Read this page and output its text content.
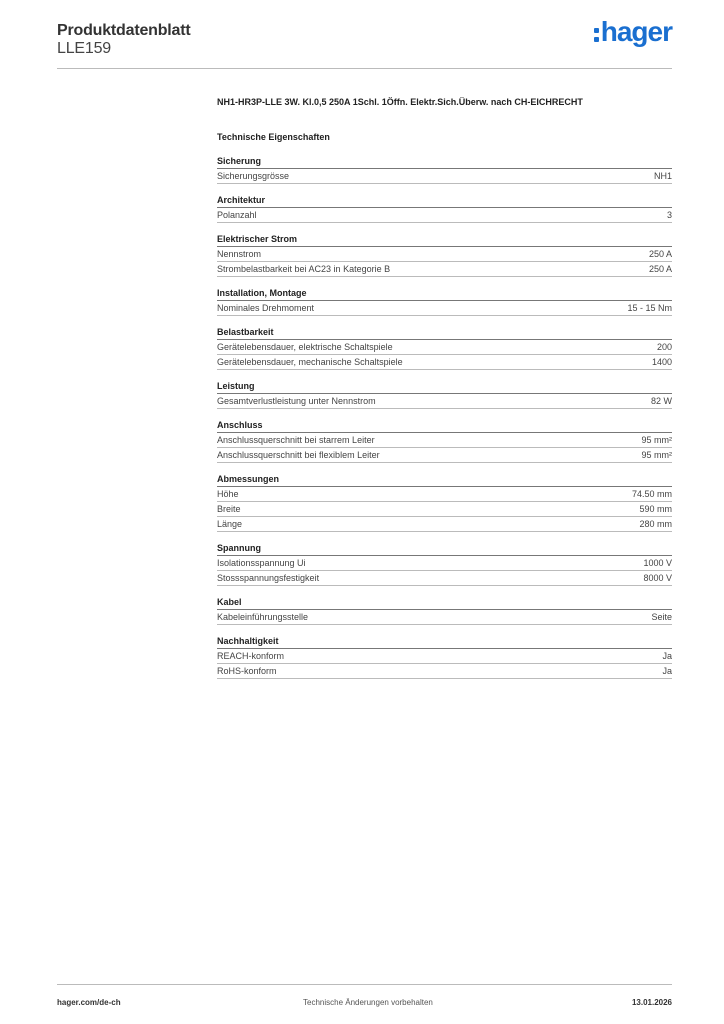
Produktdatenblatt
LLE159
hager
NH1-HR3P-LLE 3W. Kl.0,5 250A 1Schl. 1Öffn. Elektr.Sich.Überw. nach CH-EICHRECHT
Technische Eigenschaften
Sicherung
Sicherungsgrösse	NH1
Architektur
Polanzahl	3
Elektrischer Strom
Nennstrom	250 A
Strombelastbarkeit bei AC23 in Kategorie B	250 A
Installation, Montage
Nominales Drehmoment	15 - 15 Nm
Belastbarkeit
Gerätelebensdauer, elektrische Schaltspiele	200
Gerätelebensdauer, mechanische Schaltspiele	1400
Leistung
Gesamtverlustleistung unter Nennstrom	82 W
Anschluss
Anschlussquerschnitt bei starrem Leiter	95 mm²
Anschlussquerschnitt bei flexiblem Leiter	95 mm²
Abmessungen
Höhe	74.50 mm
Breite	590 mm
Länge	280 mm
Spannung
Isolationsspannung Ui	1000 V
Stossspannungsfestigkeit	8000 V
Kabel
Kabeleinführungsstelle	Seite
Nachhaltigkeit
REACH-konform	Ja
RoHS-konform	Ja
hager.com/de-ch	Technische Änderungen vorbehalten	13.01.2026
